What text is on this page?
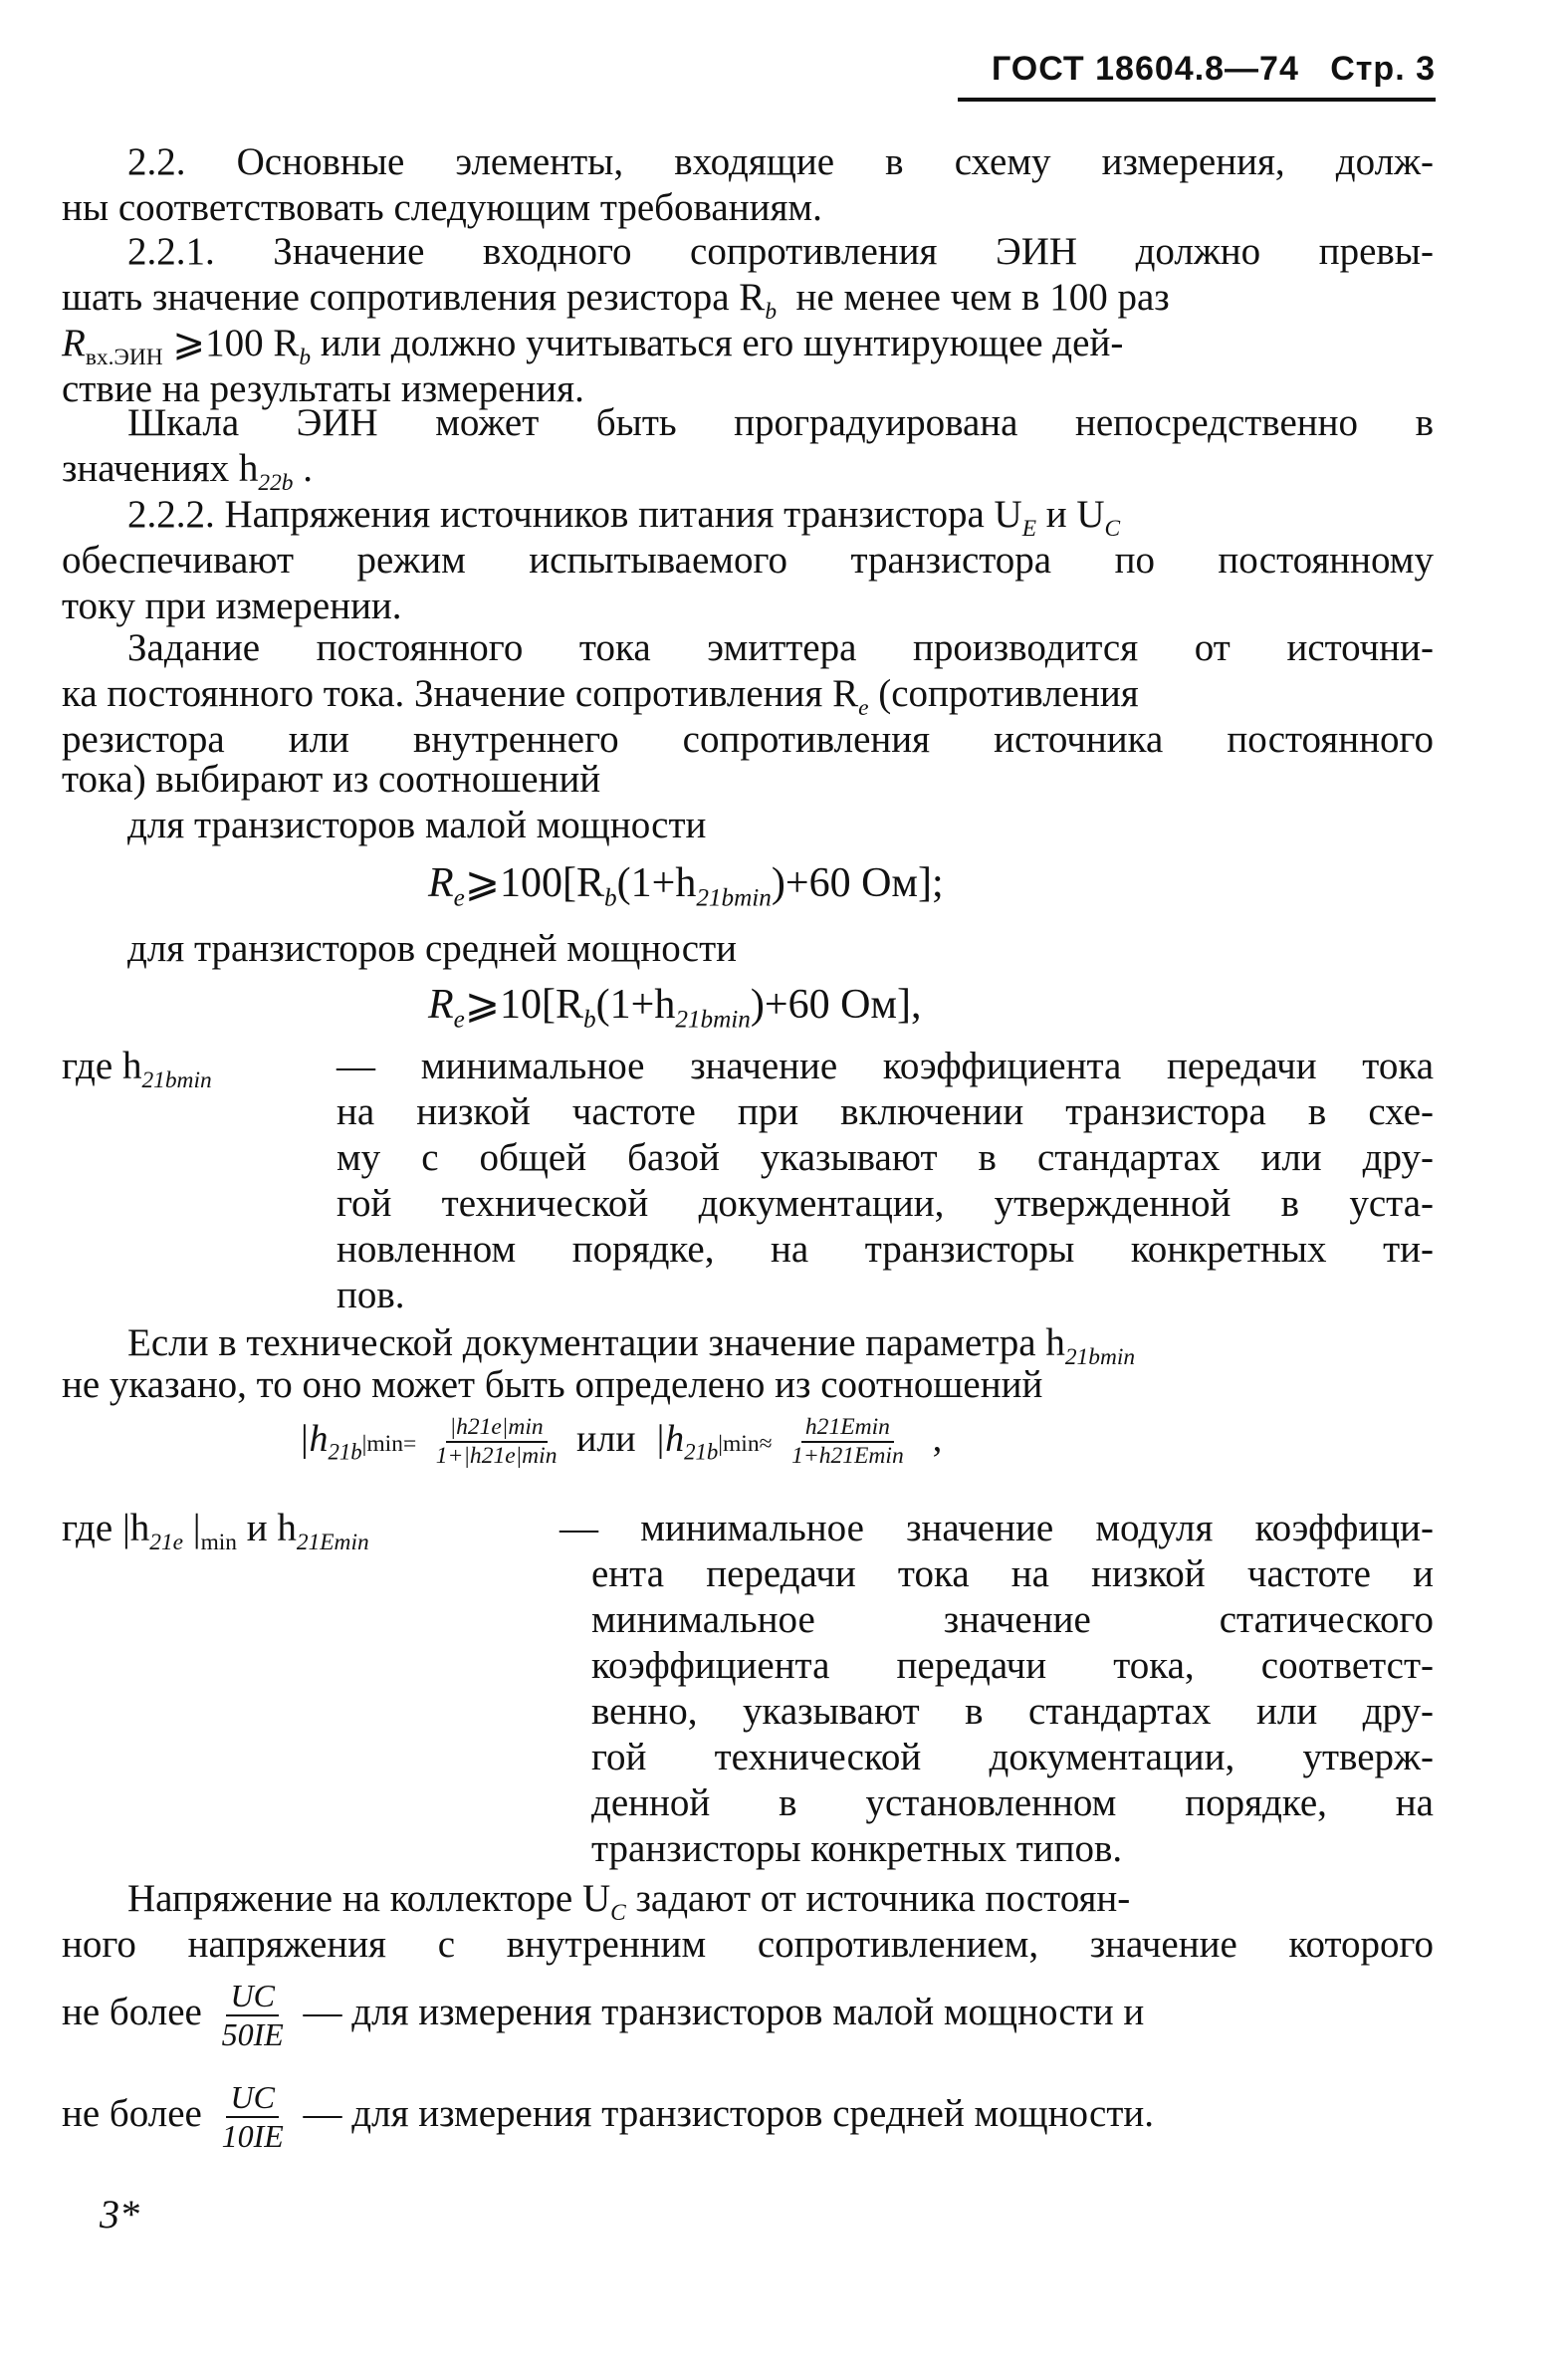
ГОСТ 18604.8—74 Стр. 3
2.2. Основные элементы, входящие в схему измерения, долж-
ны соответствовать следующим требованиям.
2.2.1. Значение входного сопротивления ЭИН должно превы-
шать значение сопротивления резистора $R_b$ не менее чем в 100 раз
$R_{вх.ЭИН}$ ⩾100 $R_b$ или должно учитываться его шунтирующее дей-
ствие на результаты измерения.
Шкала ЭИН может быть проградуирована непосредственно в
значениях $h_{22b}$ .
2.2.2. Напряжения источников питания транзистора $U_E$ и $U_C$
обеспечивают режим испытываемого транзистора по постоянному
току при измерении.
Задание постоянного тока эмиттера производится от источни-
ка постоянного тока. Значение сопротивления $R_e$ (сопротивления
резистора или внутреннего сопротивления источника постоянного
тока) выбирают из соотношений
для транзисторов малой мощности
$R_e⩾100[R_b(1+h_{21bmin})+60$ Ом];
для транзисторов средней мощности
$R_e⩾10[R_b(1+h_{21bmin})+60$ Ом],
где $h_{21bmin}$	— минимальное значение коэффициента передачи тока
на низкой частоте при включении транзистора в схе-
му с общей базой указывают в стандартах или дру-
гой технической документации, утвержденной в уста-
новленном порядке, на транзисторы конкретных ти-
пов.
Если в технической документации значение параметра $h_{21bmin}$
не указано, то оно может быть определено из соотношений
$|h_{21b}|\min= \frac{|h21e|\min}{1+|h21e|\min}$ или $|h_{21b}|\min\approx \frac{h21Emin}{1+h21Emin}$ ,
где $|h_{21e}$ $|_{min}$ и $h_{21Emin}$	— минимальное значение модуля коэффици-
ента передачи тока на низкой частоте и
минимальное значение статического
коэффициента передачи тока, соответст-
венно, указывают в стандартах или дру-
гой технической документации, утверж-
денной в установленном порядке, на
транзисторы конкретных типов.
Напряжение на коллекторе $U_C$ задают от источника постоян-
ного напряжения с внутренним сопротивлением, значение которого
не более $\frac{UC}{50IE}$ — для измерения транзисторов малой мощности и
не более $\frac{UC}{10IE}$ — для измерения транзисторов средней мощности.
3*
